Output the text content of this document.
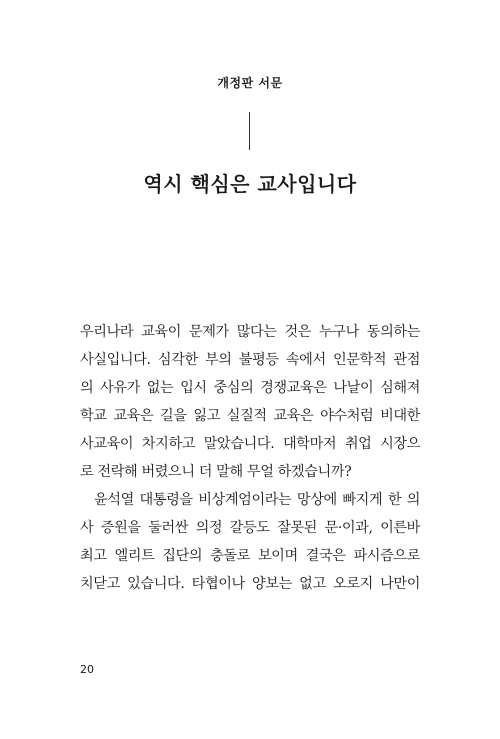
개정판 서문
역시 핵심은 교사입니다
우리나라 교육이 문제가 많다는 것은 누구나 동의하는
사실입니다. 심각한 부의 불평등 속에서 인문학적 관점
의 사유가 없는 입시 중심의 경쟁교육은 나날이 심해져
학교 교육은 길을 잃고 실질적 교육은 야수처럼 비대한
사교육이 차지하고 말았습니다. 대학마저 취업 시장으
로 전락해 버렸으니 더 말해 무얼 하겠습니까?
윤석열 대통령을 비상계엄이라는 망상에 빠지게 한 의
사 증원을 둘러싼 의정 갈등도 잘못된 문·이과, 이른바
최고 엘리트 집단의 충돌로 보이며 결국은 파시즘으로
치닫고 있습니다. 타협이나 양보는 없고 오로지 나만이
20
